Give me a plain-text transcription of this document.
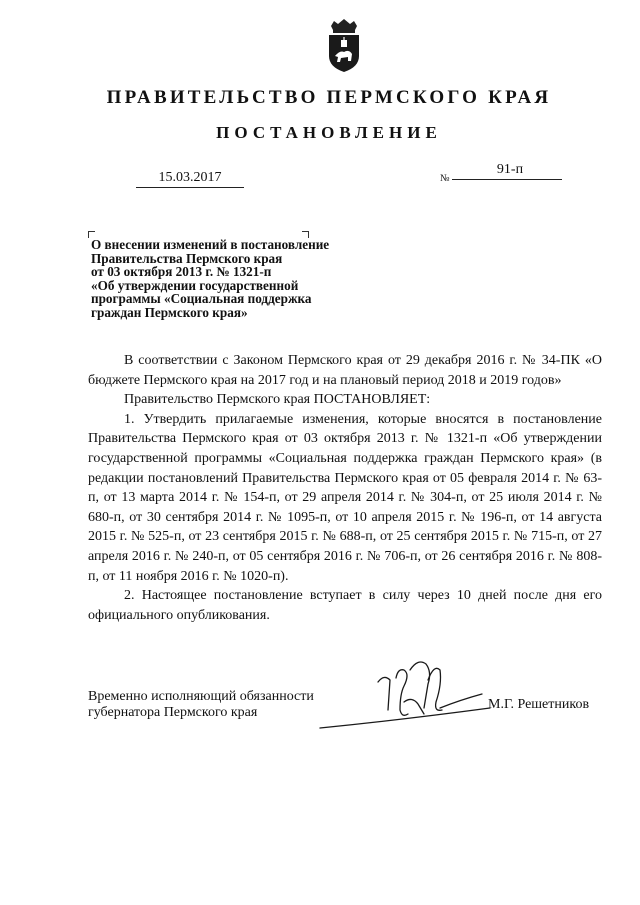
ПРАВИТЕЛЬСТВО ПЕРМСКОГО КРАЯ
ПОСТАНОВЛЕНИЕ
15.03.2017	№
91-п
О внесении изменений в постановление
Правительства Пермского края
от 03 октября 2013 г. № 1321-п
«Об утверждении государственной
программы «Социальная поддержка
граждан Пермского края»

В соответствии с Законом Пермского края от 29 декабря 2016 г. № 34-ПК «О бюджете Пермского края на 2017 год и на плановый период 2018 и 2019 годов»

Правительство Пермского края ПОСТАНОВЛЯЕТ:

1. Утвердить прилагаемые изменения, которые вносятся в постановление Правительства Пермского края от 03 октября 2013 г. № 1321-п «Об утверждении государственной программы «Социальная поддержка граждан Пермского края» (в редакции постановлений Правительства Пермского края от 05 февраля 2014 г. № 63-п, от 13 марта 2014 г. № 154-п, от 29 апреля 2014 г. № 304-п, от 25 июля 2014 г. № 680-п, от 30 сентября 2014 г. № 1095-п, от 10 апреля 2015 г. № 196-п, от 14 августа 2015 г. № 525-п, от 23 сентября 2015 г. № 688-п, от 25 сентября 2015 г. № 715-п, от 27 апреля 2016 г. № 240-п, от 05 сентября 2016 г. № 706-п, от 26 сентября 2016 г. № 808-п, от 11 ноября 2016 г. № 1020-п).

2. Настоящее постановление вступает в силу через 10 дней после дня его официального опубликования.

Временно исполняющий обязанности
губернатора Пермского края
М.Г. Решетников
